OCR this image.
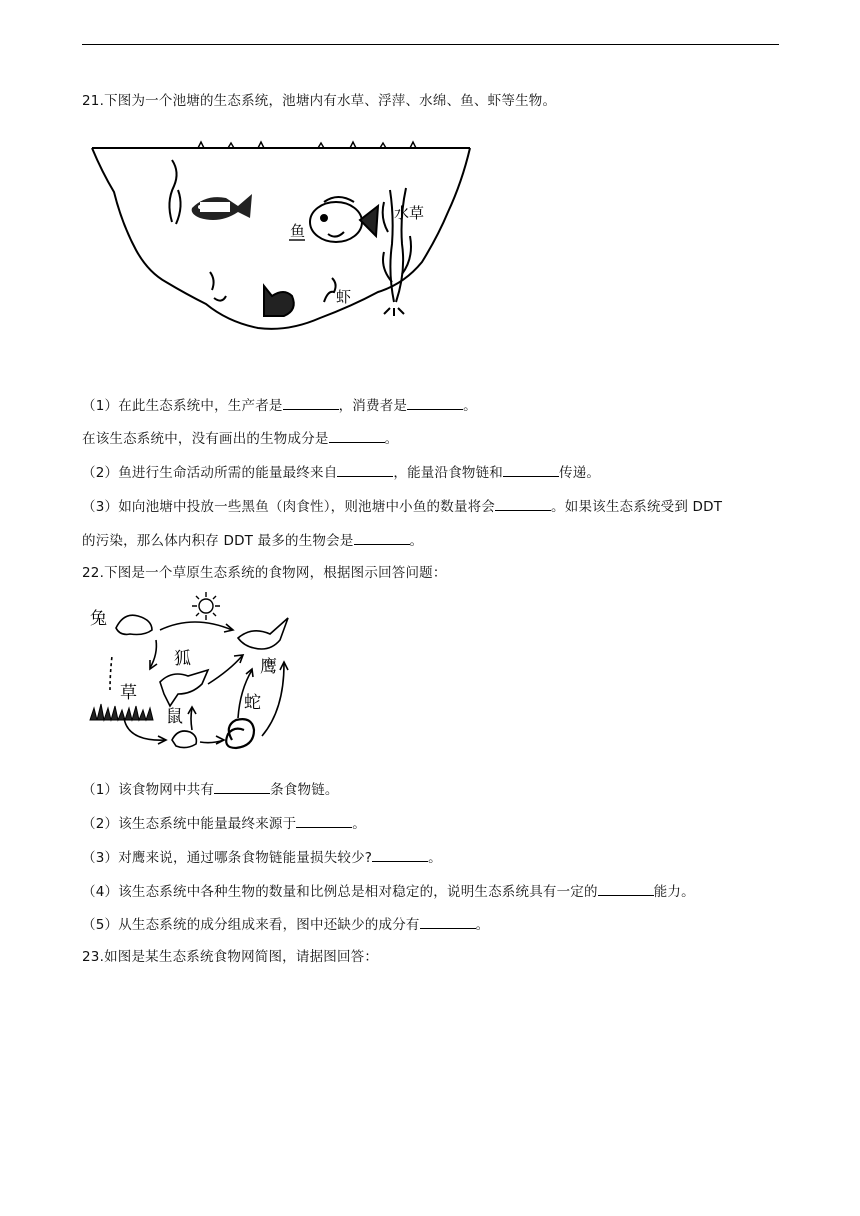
21.下图为一个池塘的生态系统，池塘内有水草、浮萍、水绵、鱼、虾等生物。
鱼
水草
虾
（1）在此生态系统中，生产者是	，消费者是	。
在该生态系统中，没有画出的生物成分是	。
（2）鱼进行生命活动所需的能量最终来自	，能量沿食物链和	传递。
（3）如向池塘中投放一些黑鱼（肉食性），则池塘中小鱼的数量将会	。如果该生态系统受到 DDT
的污染，那么体内积存 DDT 最多的生物会是	。
22.下图是一个草原生态系统的食物网，根据图示回答问题：
兔
鹰
狐
草
鼠
蛇
（1）该食物网中共有	条食物链。
（2）该生态系统中能量最终来源于	。
（3）对鹰来说，通过哪条食物链能量损失较少?	。
（4）该生态系统中各种生物的数量和比例总是相对稳定的，说明生态系统具有一定的	能力。
（5）从生态系统的成分组成来看，图中还缺少的成分有	。
23.如图是某生态系统食物网简图，请据图回答：
